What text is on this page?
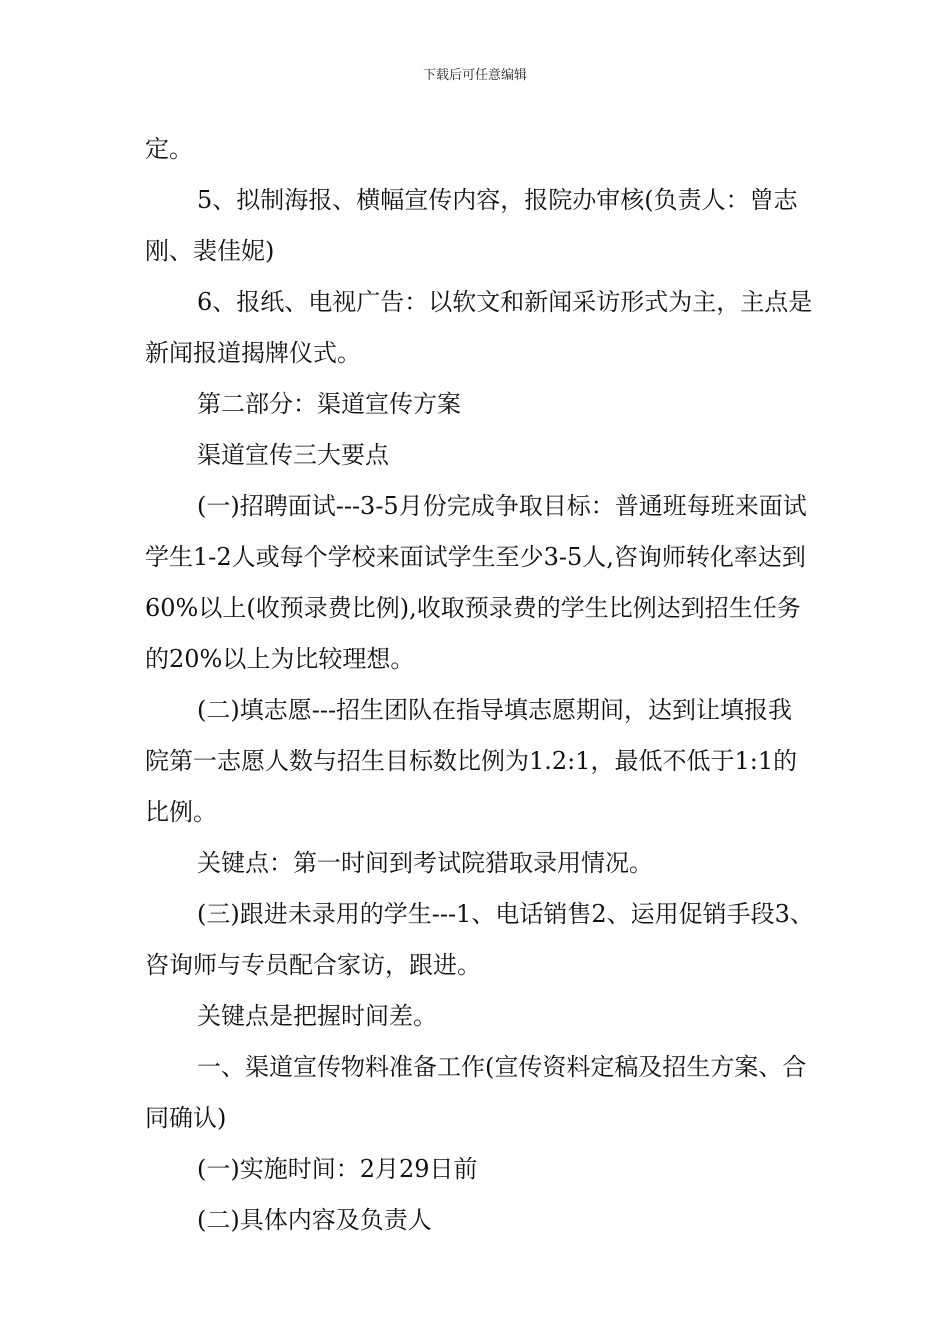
下载后可任意编辑

定。

5、拟制海报、横幅宣传内容，报院办审核(负责人：曾志刚、裴佳妮)

6、报纸、电视广告：以软文和新闻采访形式为主，主点是新闻报道揭牌仪式。

第二部分：渠道宣传方案

渠道宣传三大要点

(一)招聘面试---3-5月份完成争取目标：普通班每班来面试学生1-2人或每个学校来面试学生至少3-5人,咨询师转化率达到60%以上(收预录费比例),收取预录费的学生比例达到招生任务的20%以上为比较理想。

(二)填志愿---招生团队在指导填志愿期间，达到让填报我院第一志愿人数与招生目标数比例为1.2:1，最低不低于1:1的比例。

关键点：第一时间到考试院猎取录用情况。

(三)跟进未录用的学生---1、电话销售2、运用促销手段3、咨询师与专员配合家访，跟进。

关键点是把握时间差。

一、渠道宣传物料准备工作(宣传资料定稿及招生方案、合同确认)

(一)实施时间：2月29日前

(二)具体内容及负责人
